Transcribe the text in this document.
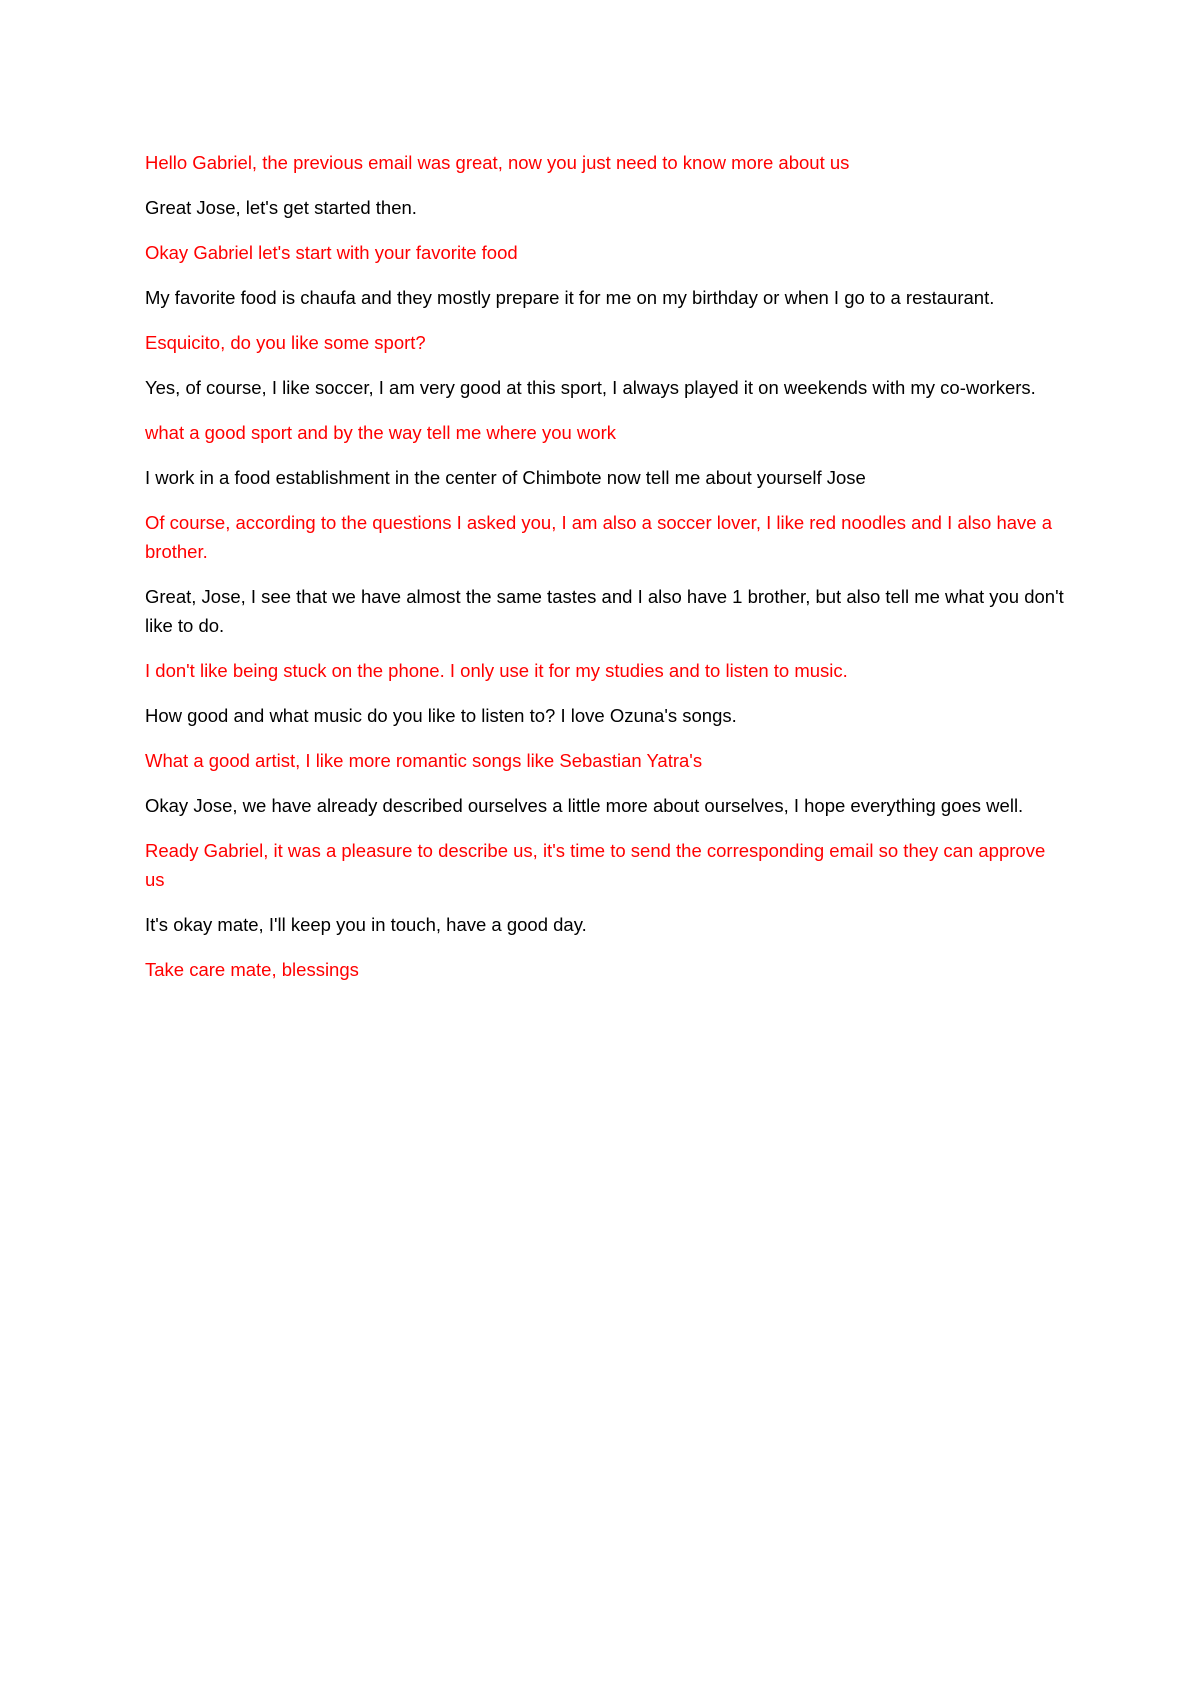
Hello Gabriel, the previous email was great, now you just need to know more about us

Great Jose, let's get started then.

Okay Gabriel let's start with your favorite food

My favorite food is chaufa and they mostly prepare it for me on my birthday or when I go to a restaurant.

Esquicito, do you like some sport?

Yes, of course, I like soccer, I am very good at this sport, I always played it on weekends with my co-workers.

what a good sport and by the way tell me where you work

I work in a food establishment in the center of Chimbote now tell me about yourself Jose

Of course, according to the questions I asked you, I am also a soccer lover, I like red noodles and I also have a brother.

Great, Jose, I see that we have almost the same tastes and I also have 1 brother, but also tell me what you don't like to do.

I don't like being stuck on the phone. I only use it for my studies and to listen to music.

How good and what music do you like to listen to? I love Ozuna's songs.

What a good artist, I like more romantic songs like Sebastian Yatra's

Okay Jose, we have already described ourselves a little more about ourselves, I hope everything goes well.

Ready Gabriel, it was a pleasure to describe us, it's time to send the corresponding email so they can approve us

It's okay mate, I'll keep you in touch, have a good day.

Take care mate, blessings
